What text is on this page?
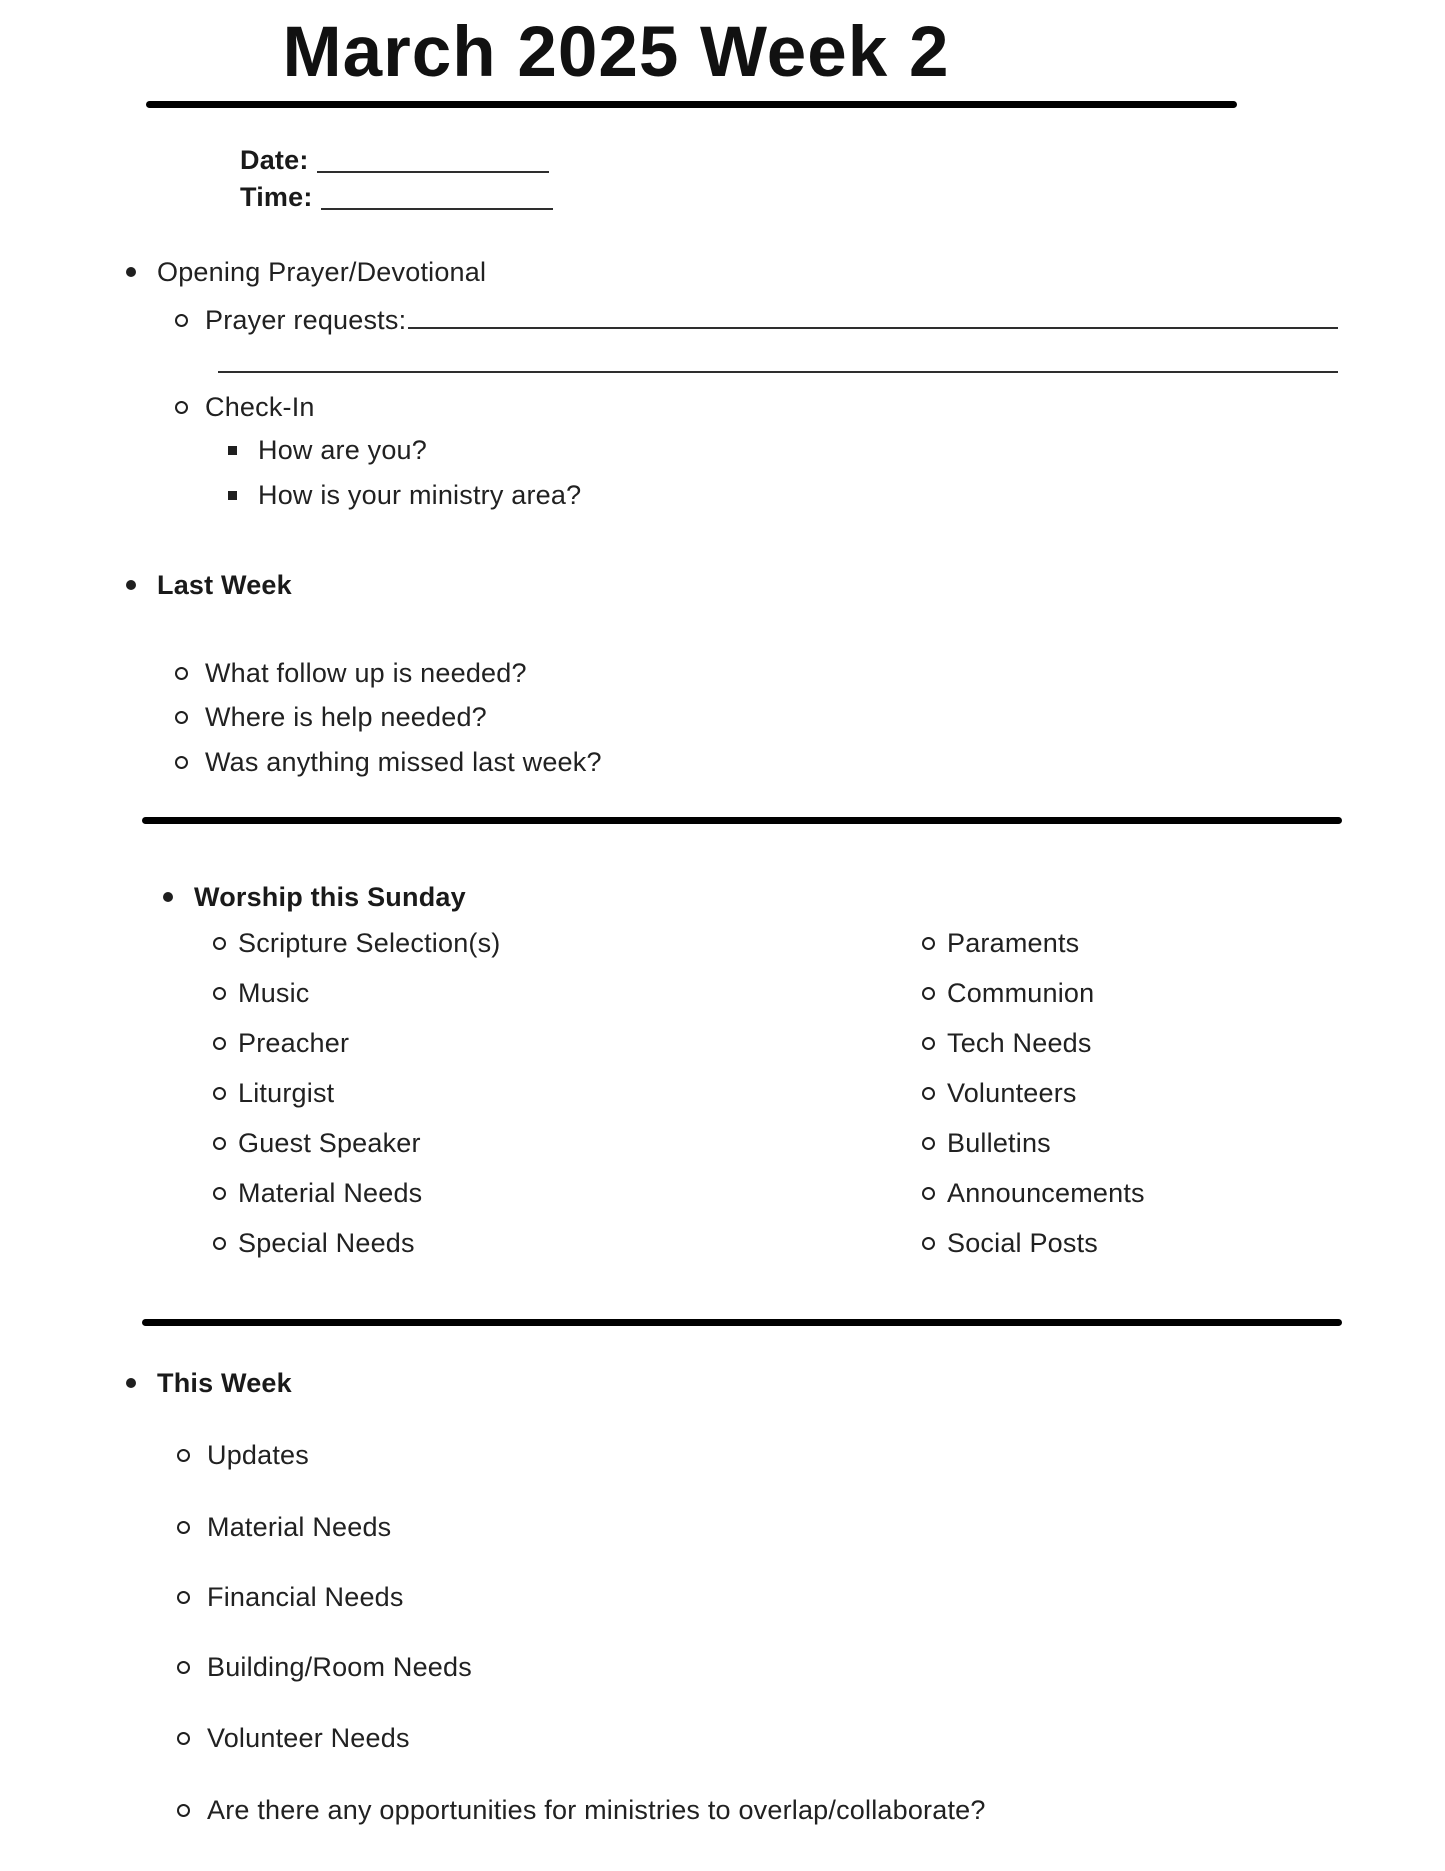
March 2025 Week 2
Date:
Time:
Opening Prayer/Devotional
Prayer requests:
Check-In
How are you?
How is your ministry area?
Last Week
What follow up is needed?
Where is help needed?
Was anything missed last week?
Worship this Sunday
Scripture Selection(s)
Music
Preacher
Liturgist
Guest Speaker
Material Needs
Special Needs
Paraments
Communion
Tech Needs
Volunteers
Bulletins
Announcements
Social Posts
This Week
Updates
Material Needs
Financial Needs
Building/Room Needs
Volunteer Needs
Are there any opportunities for ministries to overlap/collaborate?
